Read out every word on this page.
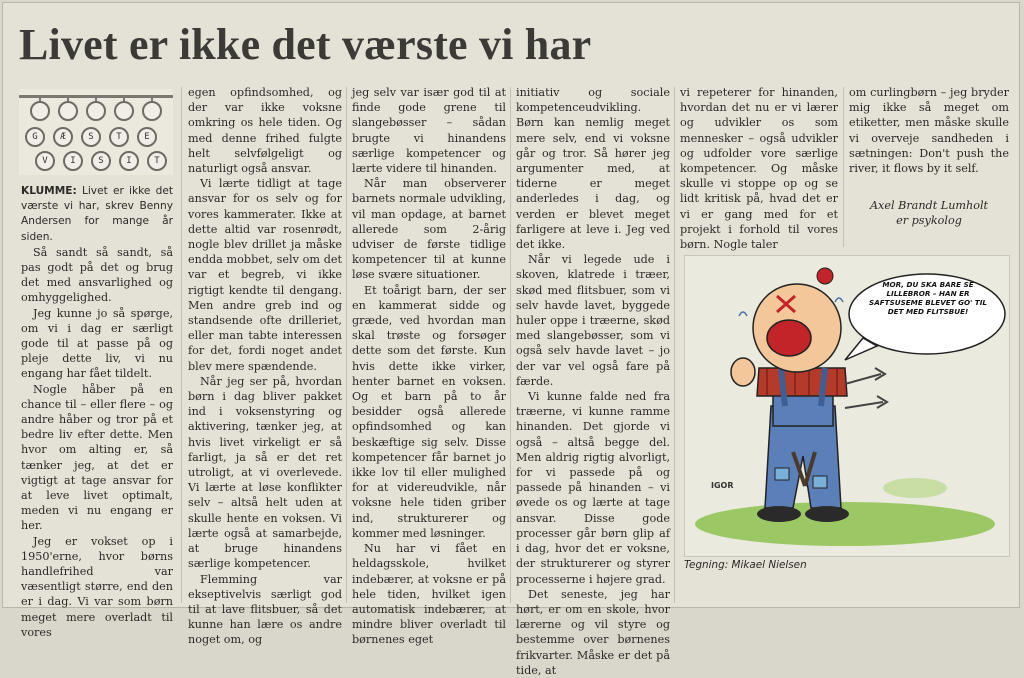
Livet er ikke det værste vi har
G	Æ	S	T	E
V	I	S	I	T

KLUMME: Livet er ikke det værste vi har, skrev Benny Andersen for mange år siden.

Så sandt så sandt, så pas godt på det og brug det med ansvarlighed og omhyggelighed.

Jeg kunne jo så spørge, om vi i dag er særligt gode til at passe på og pleje dette liv, vi nu engang har fået tildelt.

Nogle håber på en chance til – eller flere – og andre håber og tror på et bedre liv efter dette. Men hvor om alting er, så tænker jeg, at det er vigtigt at tage ansvar for at leve livet optimalt, meden vi nu engang er her.

Jeg er vokset op i 1950'erne, hvor børns handlefrihed var væsentligt større, end den er i dag. Vi var som børn meget mere overladt til vores

egen opfindsomhed, og der var ikke voksne omkring os hele tiden. Og med denne frihed fulgte helt selvfølgeligt og naturligt også ansvar.

Vi lærte tidligt at tage ansvar for os selv og for vores kammerater. Ikke at dette altid var rosenrødt, nogle blev drillet ja måske endda mobbet, selv om det var et begreb, vi ikke rigtigt kendte til dengang. Men andre greb ind og standsende ofte drilleriet, eller man tabte interessen for det, fordi noget andet blev mere spændende.

Når jeg ser på, hvordan børn i dag bliver pakket ind i voksenstyring og aktivering, tænker jeg, at hvis livet virkeligt er så farligt, ja så er det ret utroligt, at vi overlevede. Vi lærte at løse konflikter selv – altså helt uden at skulle hente en voksen. Vi lærte også at samarbejde, at bruge hinandens særlige kompetencer.

Flemming var ekseptivelvis særligt god til at lave flitsbuer, så det kunne han lære os andre noget om, og

jeg selv var især god til at finde gode grene til slangebøsser – sådan brugte vi hinandens særlige kompetencer og lærte videre til hinanden.

Når man observerer barnets normale udvikling, vil man opdage, at barnet allerede som 2-årig udviser de første tidlige kompetencer til at kunne løse svære situationer.

Et toårigt barn, der ser en kammerat sidde og græde, ved hvordan man skal trøste og forsøger dette som det første. Kun hvis dette ikke virker, henter barnet en voksen. Og et barn på to år besidder også allerede opfindsomhed og kan beskæftige sig selv. Disse kompetencer får barnet jo ikke lov til eller mulighed for at videreudvikle, når voksne hele tiden griber ind, strukturerer og kommer med løsninger.

Nu har vi fået en heldagsskole, hvilket indebærer, at voksne er på hele tiden, hvilket igen automatisk indebærer, at mindre bliver overladt til børnenes eget

initiativ og sociale kompetenceudvikling. Børn kan nemlig meget mere selv, end vi voksne går og tror. Så hører jeg argumenter med, at tiderne er meget anderledes i dag, og verden er blevet meget farligere at leve i. Jeg ved det ikke.

Når vi legede ude i skoven, klatrede i træer, skød med flitsbuer, som vi selv havde lavet, byggede huler oppe i træerne, skød med slangebøsser, som vi også selv havde lavet – jo der var vel også fare på færde.

Vi kunne falde ned fra træerne, vi kunne ramme hinanden. Det gjorde vi også – altså begge del. Men aldrig rigtig alvorligt, for vi passede på og passede på hinanden – vi øvede os og lærte at tage ansvar. Disse gode processer går børn glip af i dag, hvor det er voksne, der strukturerer og styrer processerne i højere grad.

Det seneste, jeg har hørt, er om en skole, hvor lærerne og vil styre og bestemme over børnenes frikvarter. Måske er det på tide, at

vi repeterer for hinanden, hvordan det nu er vi lærer og udvikler os som mennesker – også udvikler og udfolder vore særlige kompetencer. Og måske skulle vi stoppe op og se lidt kritisk på, hvad det er vi er gang med for et projekt i forhold til vores børn. Nogle taler

om curlingbørn – jeg bryder mig ikke så meget om etiketter, men måske skulle vi overveje sandheden i sætningen: Don't push the river, it flows by it self.

Axel Brandt Lumholt
er psykolog
MOR, DU SKA BARE SE LILLEBROR – HAN ER SAFTSUSEME BLEVET GO' TIL DET MED FLITSBUE!
IGOR
Tegning: Mikael Nielsen
